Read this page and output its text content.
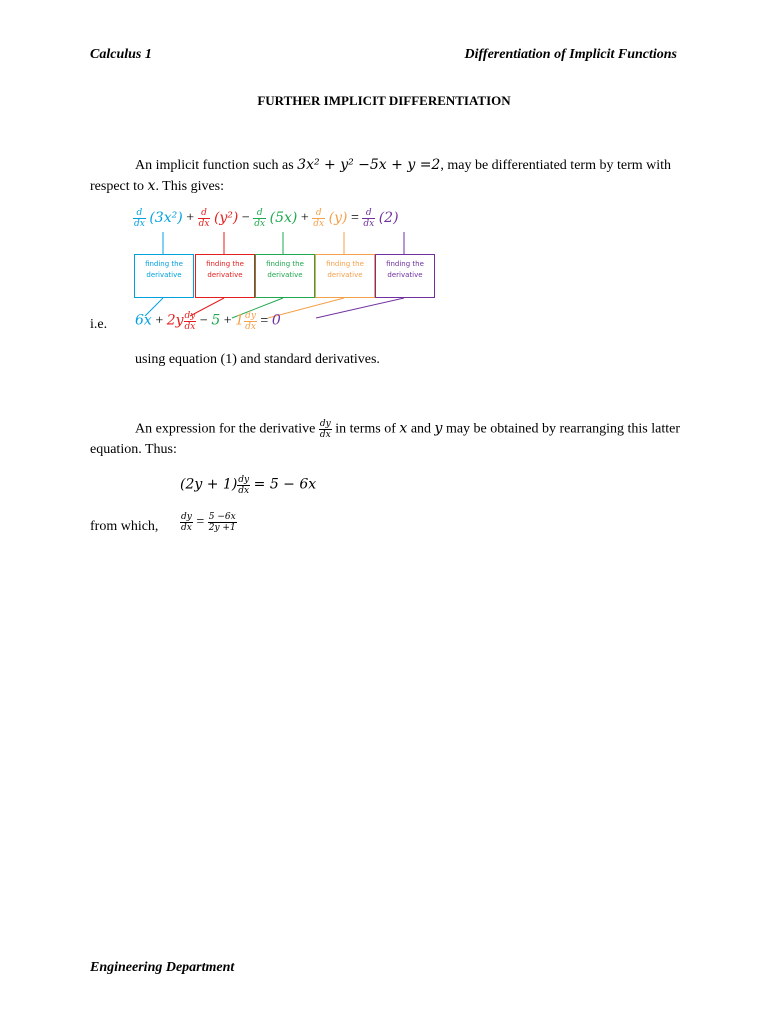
Calculus 1	Differentiation of Implicit Functions
FURTHER IMPLICIT DIFFERENTIATION
An implicit function such as 3x² + y² −5x + y =2, may be differentiated term by term with
respect to x. This gives:
$\frac{d}{dx} (3x^2) + \frac{d}{dx} (y^2) - \frac{d}{dx} (5x) + \frac{d}{dx} (y) = \frac{d}{dx} (2)$
finding the derivative
finding the derivative
finding the derivative
finding the derivative
finding the derivative
i.e. $6x + 2y \frac{dy}{dx} - 5 + 1 \frac{dy}{dx} = 0$
using equation (1) and standard derivatives.
An expression for the derivative $\frac{dy}{dx}$ in terms of x and y may be obtained by rearranging this latter
equation. Thus:
$(2y + 1) \frac{dy}{dx} = 5 - 6x$
from which, $\frac{dy}{dx} = \frac{5 -6x}{2y +1}$
Engineering Department
